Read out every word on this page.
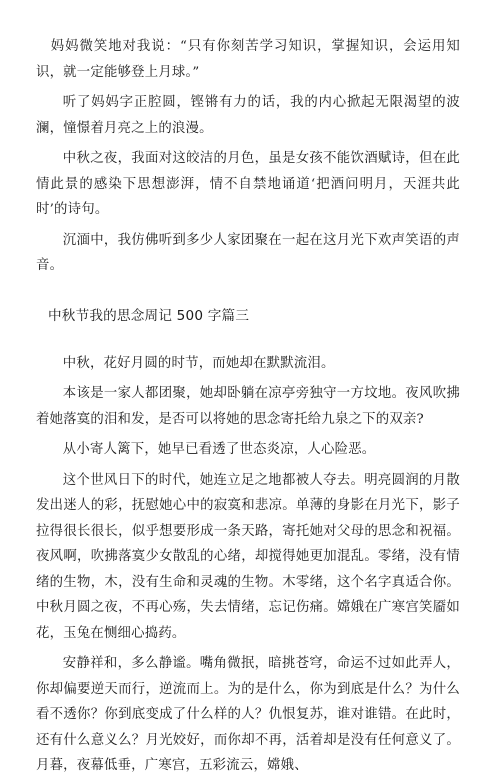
妈妈微笑地对我说：“只有你刻苦学习知识，掌握知识，会运用知识，就一定能够登上月球。”

听了妈妈字正腔圆，铿锵有力的话，我的内心掀起无限渴望的波澜，憧憬着月亮之上的浪漫。

中秋之夜，我面对这皎洁的月色，虽是女孩不能饮酒赋诗，但在此情此景的感染下思想澎湃，情不自禁地诵道‘把酒问明月，天涯共此时’的诗句。

沉湎中，我仿佛听到多少人家团聚在一起在这月光下欢声笑语的声音。

中秋节我的思念周记 500 字篇三

中秋，花好月圆的时节，而她却在默默流泪。

本该是一家人都团聚，她却卧躺在凉亭旁独守一方坟地。夜风吹拂着她落寞的泪和发，是否可以将她的思念寄托给九泉之下的双亲?

从小寄人篱下，她早已看透了世态炎凉，人心险恶。

这个世风日下的时代，她连立足之地都被人夺去。明亮圆润的月散发出迷人的彩，抚慰她心中的寂寞和悲凉。单薄的身影在月光下，影子拉得很长很长，似乎想要形成一条天路，寄托她对父母的思念和祝福。夜风啊，吹拂落寞少女散乱的心绪，却搅得她更加混乱。零绪，没有情绪的生物，木，没有生命和灵魂的生物。木零绪，这个名字真适合你。中秋月圆之夜，不再心殇，失去情绪，忘记伤痛。嫦娥在广寒宫笑靥如花，玉兔在恻细心捣药。

安静祥和，多么静谧。嘴角微抿，暗挑苍穹，命运不过如此弄人，你却偏要逆天而行，逆流而上。为的是什么，你为到底是什么？为什么看不透你？你到底变成了什么样的人？仇恨复苏，谁对谁错。在此时，还有什么意义么？月光姣好，而你却不再，活着却是没有任何意义了。月暮，夜幕低垂，广寒宫，五彩流云，嫦娥、
